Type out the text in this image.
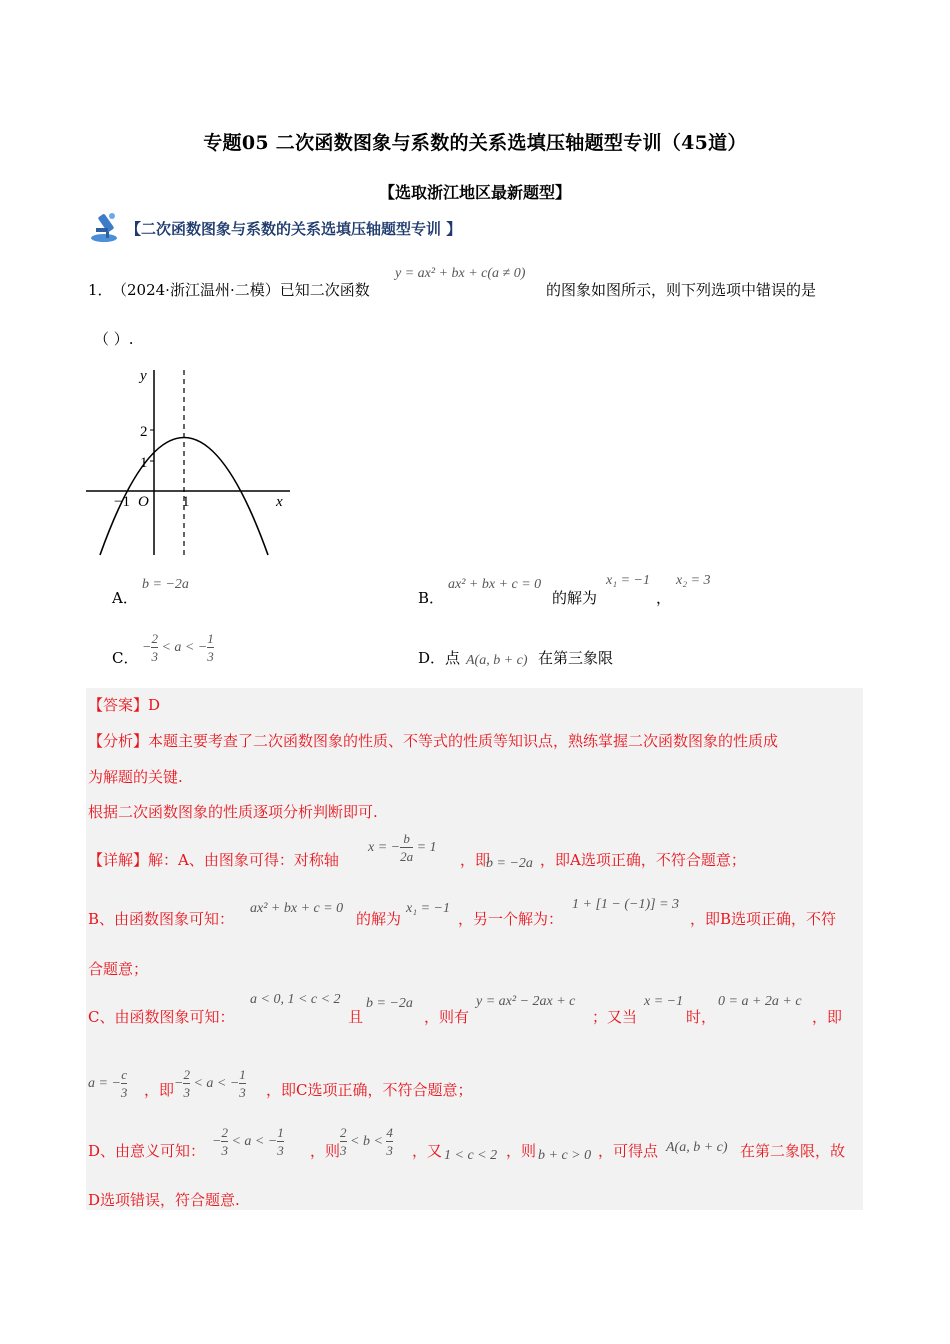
专题05 二次函数图象与系数的关系选填压轴题型专训（45道）
【选取浙江地区最新题型】
【二次函数图象与系数的关系选填压轴题型专训 】
1． （2024·浙江温州·二模）已知二次函数
y = ax² + bx + c(a ≠ 0)
的图象如图所示，则下列选项中错误的是
（ ）.
y
x
O
2
1
−1	1
A．
b = −2a
B．
ax² + bx + c = 0
的解为
x₁ = −1
，
x₂ = 3
C．
− $\frac{2}{3} < a$ < − $\frac{1}{3}$	D．点 A(a, b + c) 在第三象限
【答案】D
【分析】本题主要考查了二次函数图象的性质、不等式的性质等知识点，熟练掌握二次函数图象的性质成
为解题的关键.
根据二次函数图象的性质逐项分析判断即可.
【详解】解：A、由图象可得：对称轴
x = − $\frac{b}{2a} = 1$
，即
b = −2a ，即A选项正确，不符合题意；
B、由函数图象可知：
ax² + bx + c = 0
的解为
x₁ = −1
，另一个解为：
1 + [1 − (−1)] = 3
，即B选项正确，不符
合题意；
C、由函数图象可知：
a < 0, 1 < c < 2
且
b = −2a
，则有
y = ax² − 2ax + c
；又当
x = −1
时，
0 = a + 2a + c
，即
a = − $\frac{c}{3}$ ，即 − $\frac{2}{3} < a$ < − $\frac{1}{3}$ ，即C选项正确，不符合题意；
D、由意义可知：
− $\frac{2}{3} < a$ < − $\frac{1}{3}$ ，则 $\frac{2}{3} < b < \frac{4}{3}$ ，又 1 < c < 2 ，则 b + c > 0 ，可得点 A(a, b + c) 在第二象限，故
D选项错误，符合题意.
